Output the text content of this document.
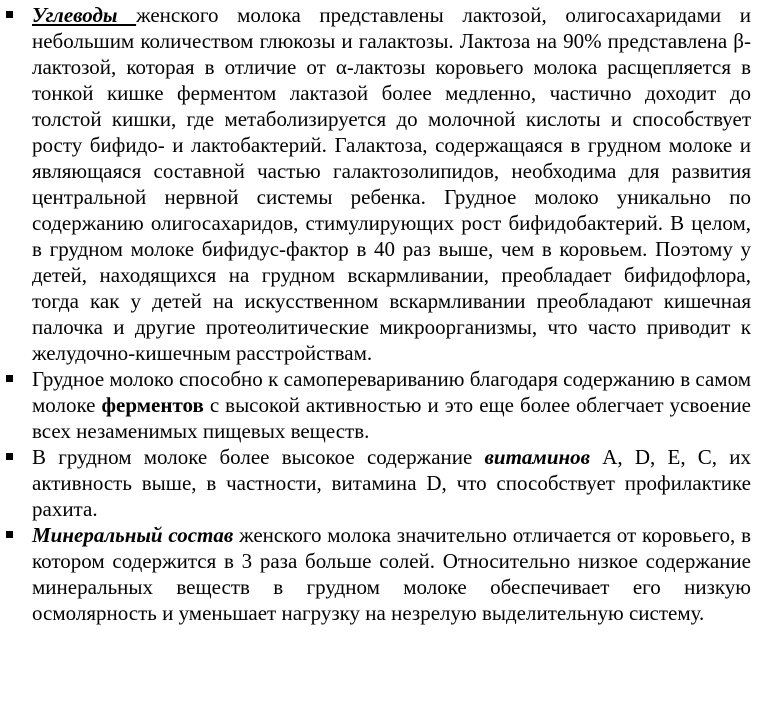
Углеводы женского молока представлены лактозой, олигосахаридами и небольшим количеством глюкозы и галактозы. Лактоза на 90% представлена β-лактозой, которая в отличие от α-лактозы коровьего молока расщепляется в тонкой кишке ферментом лактазой более медленно, частично доходит до толстой кишки, где метаболизируется до молочной кислоты и способствует росту бифидо- и лактобактерий. Галактоза, содержащаяся в грудном молоке и являющаяся составной частью галактозолипидов, необходима для развития центральной нервной системы ребенка. Грудное молоко уникально по содержанию олигосахаридов, стимулирующих рост бифидобактерий. В целом, в грудном молоке бифидус-фактор в 40 раз выше, чем в коровьем. Поэтому у детей, находящихся на грудном вскармливании, преобладает бифидофлора, тогда как у детей на искусственном вскармливании преобладают кишечная палочка и другие протеолитические микроорганизмы, что часто приводит к желудочно-кишечным расстройствам.
Грудное молоко способно к самоперевариванию благодаря содержанию в самом молоке ферментов с высокой активностью и это еще более облегчает усвоение всех незаменимых пищевых веществ.
В грудном молоке более высокое содержание витаминов А, D, E, C, их активность выше, в частности, витамина D, что способствует профилактике рахита.
Минеральный состав женского молока значительно отличается от коровьего, в котором содержится в 3 раза больше солей. Относительно низкое содержание минеральных веществ в грудном молоке обеспечивает его низкую осмолярность и уменьшает нагрузку на незрелую выделительную систему.
